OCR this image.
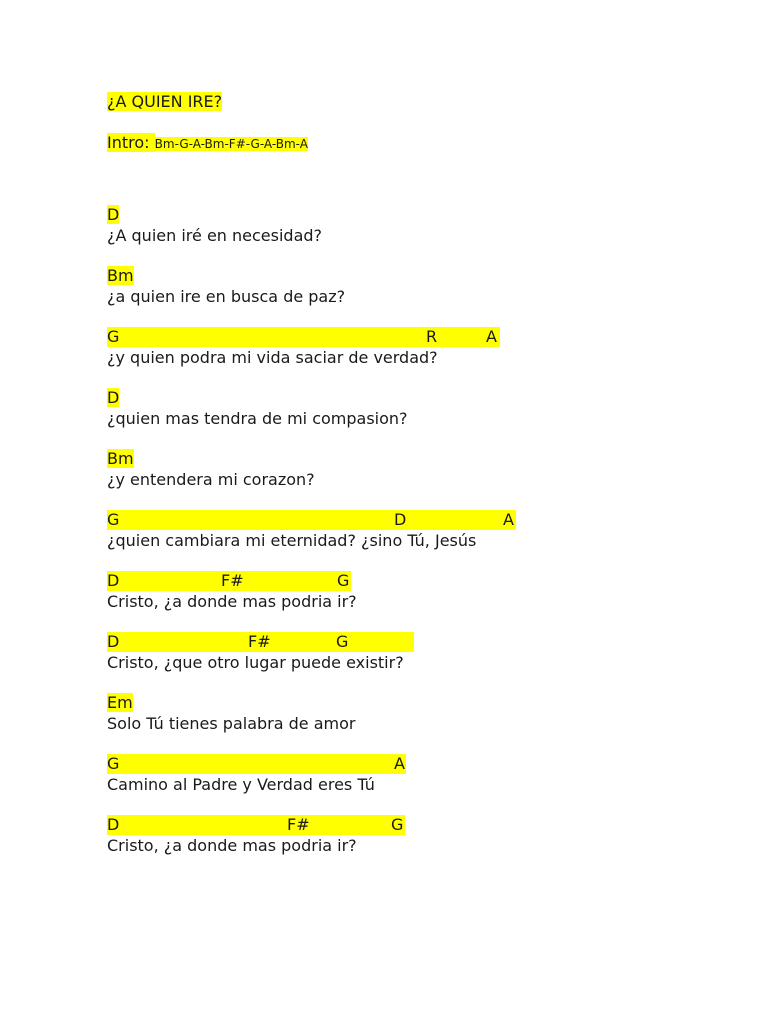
¿A QUIEN IRE?
Intro: Bm-G-A-Bm-F#-G-A-Bm-A
D
¿A quien iré en necesidad?
Bm
¿a quien ire en busca de paz?
G	R	A
¿y quien podra mi vida saciar de verdad?
D
¿quien mas tendra de mi compasion?
Bm
¿y entendera mi corazon?
G	D	A
¿quien cambiara mi eternidad? ¿sino Tú, Jesús
D	F#	G
Cristo, ¿a donde mas podria ir?
D	F#	G
Cristo, ¿que otro lugar puede existir?
Em
Solo Tú tienes palabra de amor
G	A
Camino al Padre y Verdad eres Tú
D	F#	G
Cristo, ¿a donde mas podria ir?
